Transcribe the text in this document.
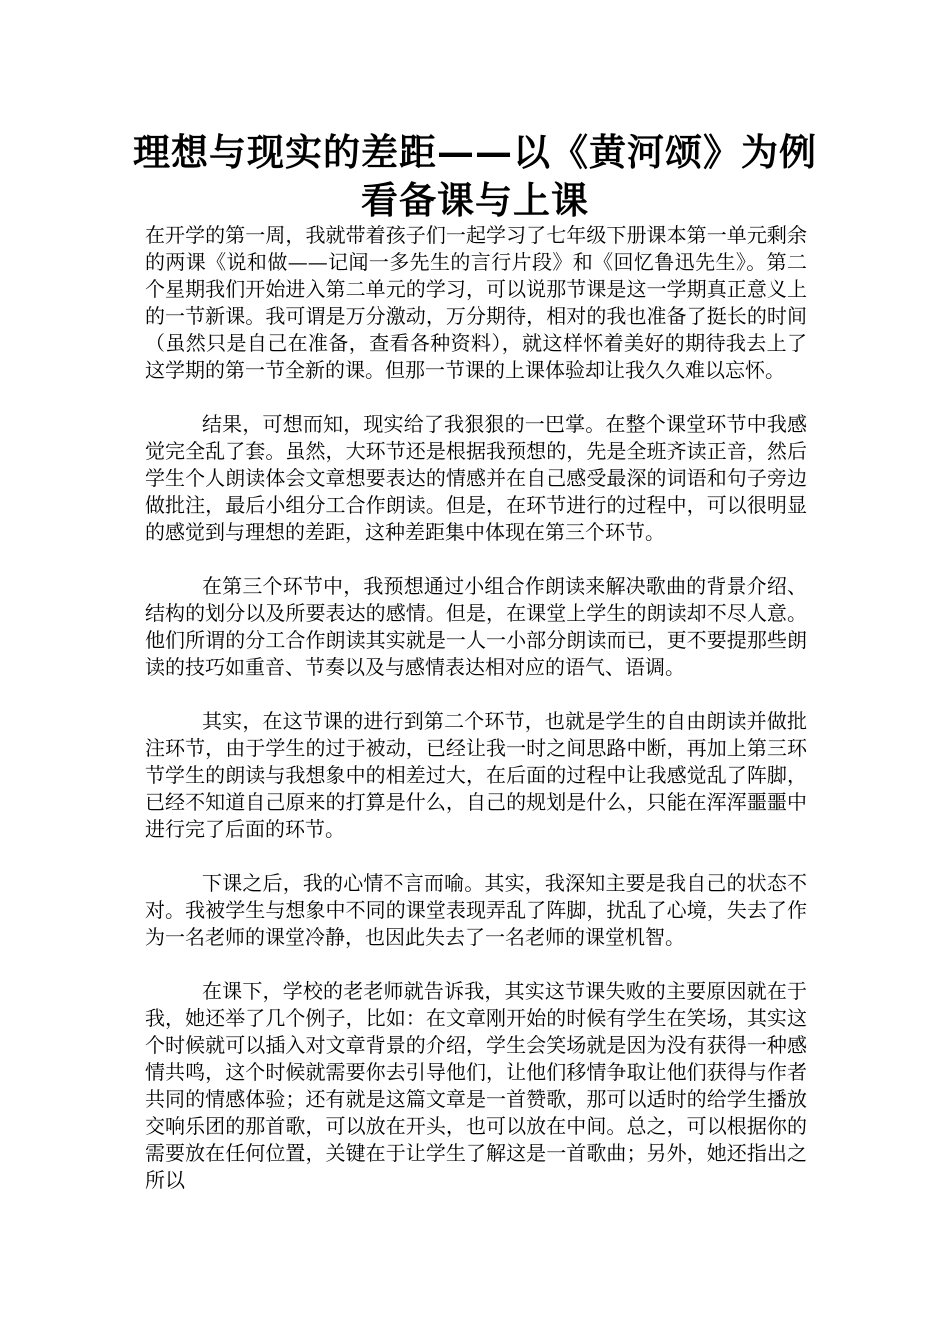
理想与现实的差距——以《黄河颂》为例看备课与上课

在开学的第一周，我就带着孩子们一起学习了七年级下册课本第一单元剩余的两课《说和做——记闻一多先生的言行片段》和《回忆鲁迅先生》。第二个星期我们开始进入第二单元的学习，可以说那节课是这一学期真正意义上的一节新课。我可谓是万分激动，万分期待，相对的我也准备了挺长的时间（虽然只是自己在准备，查看各种资料），就这样怀着美好的期待我去上了这学期的第一节全新的课。但那一节课的上课体验却让我久久难以忘怀。

结果，可想而知，现实给了我狠狠的一巴掌。在整个课堂环节中我感觉完全乱了套。虽然，大环节还是根据我预想的，先是全班齐读正音，然后学生个人朗读体会文章想要表达的情感并在自己感受最深的词语和句子旁边做批注，最后小组分工合作朗读。但是，在环节进行的过程中，可以很明显的感觉到与理想的差距，这种差距集中体现在第三个环节。

在第三个环节中，我预想通过小组合作朗读来解决歌曲的背景介绍、结构的划分以及所要表达的感情。但是，在课堂上学生的朗读却不尽人意。他们所谓的分工合作朗读其实就是一人一小部分朗读而已，更不要提那些朗读的技巧如重音、节奏以及与感情表达相对应的语气、语调。

其实，在这节课的进行到第二个环节，也就是学生的自由朗读并做批注环节，由于学生的过于被动，已经让我一时之间思路中断，再加上第三环节学生的朗读与我想象中的相差过大，在后面的过程中让我感觉乱了阵脚，已经不知道自己原来的打算是什么，自己的规划是什么，只能在浑浑噩噩中进行完了后面的环节。

下课之后，我的心情不言而喻。其实，我深知主要是我自己的状态不对。我被学生与想象中不同的课堂表现弄乱了阵脚，扰乱了心境，失去了作为一名老师的课堂冷静，也因此失去了一名老师的课堂机智。

在课下，学校的老老师就告诉我，其实这节课失败的主要原因就在于我，她还举了几个例子，比如：在文章刚开始的时候有学生在笑场，其实这个时候就可以插入对文章背景的介绍，学生会笑场就是因为没有获得一种感情共鸣，这个时候就需要你去引导他们，让他们移情争取让他们获得与作者共同的情感体验；还有就是这篇文章是一首赞歌，那可以适时的给学生播放交响乐团的那首歌，可以放在开头，也可以放在中间。总之，可以根据你的需要放在任何位置，关键在于让学生了解这是一首歌曲；另外，她还指出之所以
